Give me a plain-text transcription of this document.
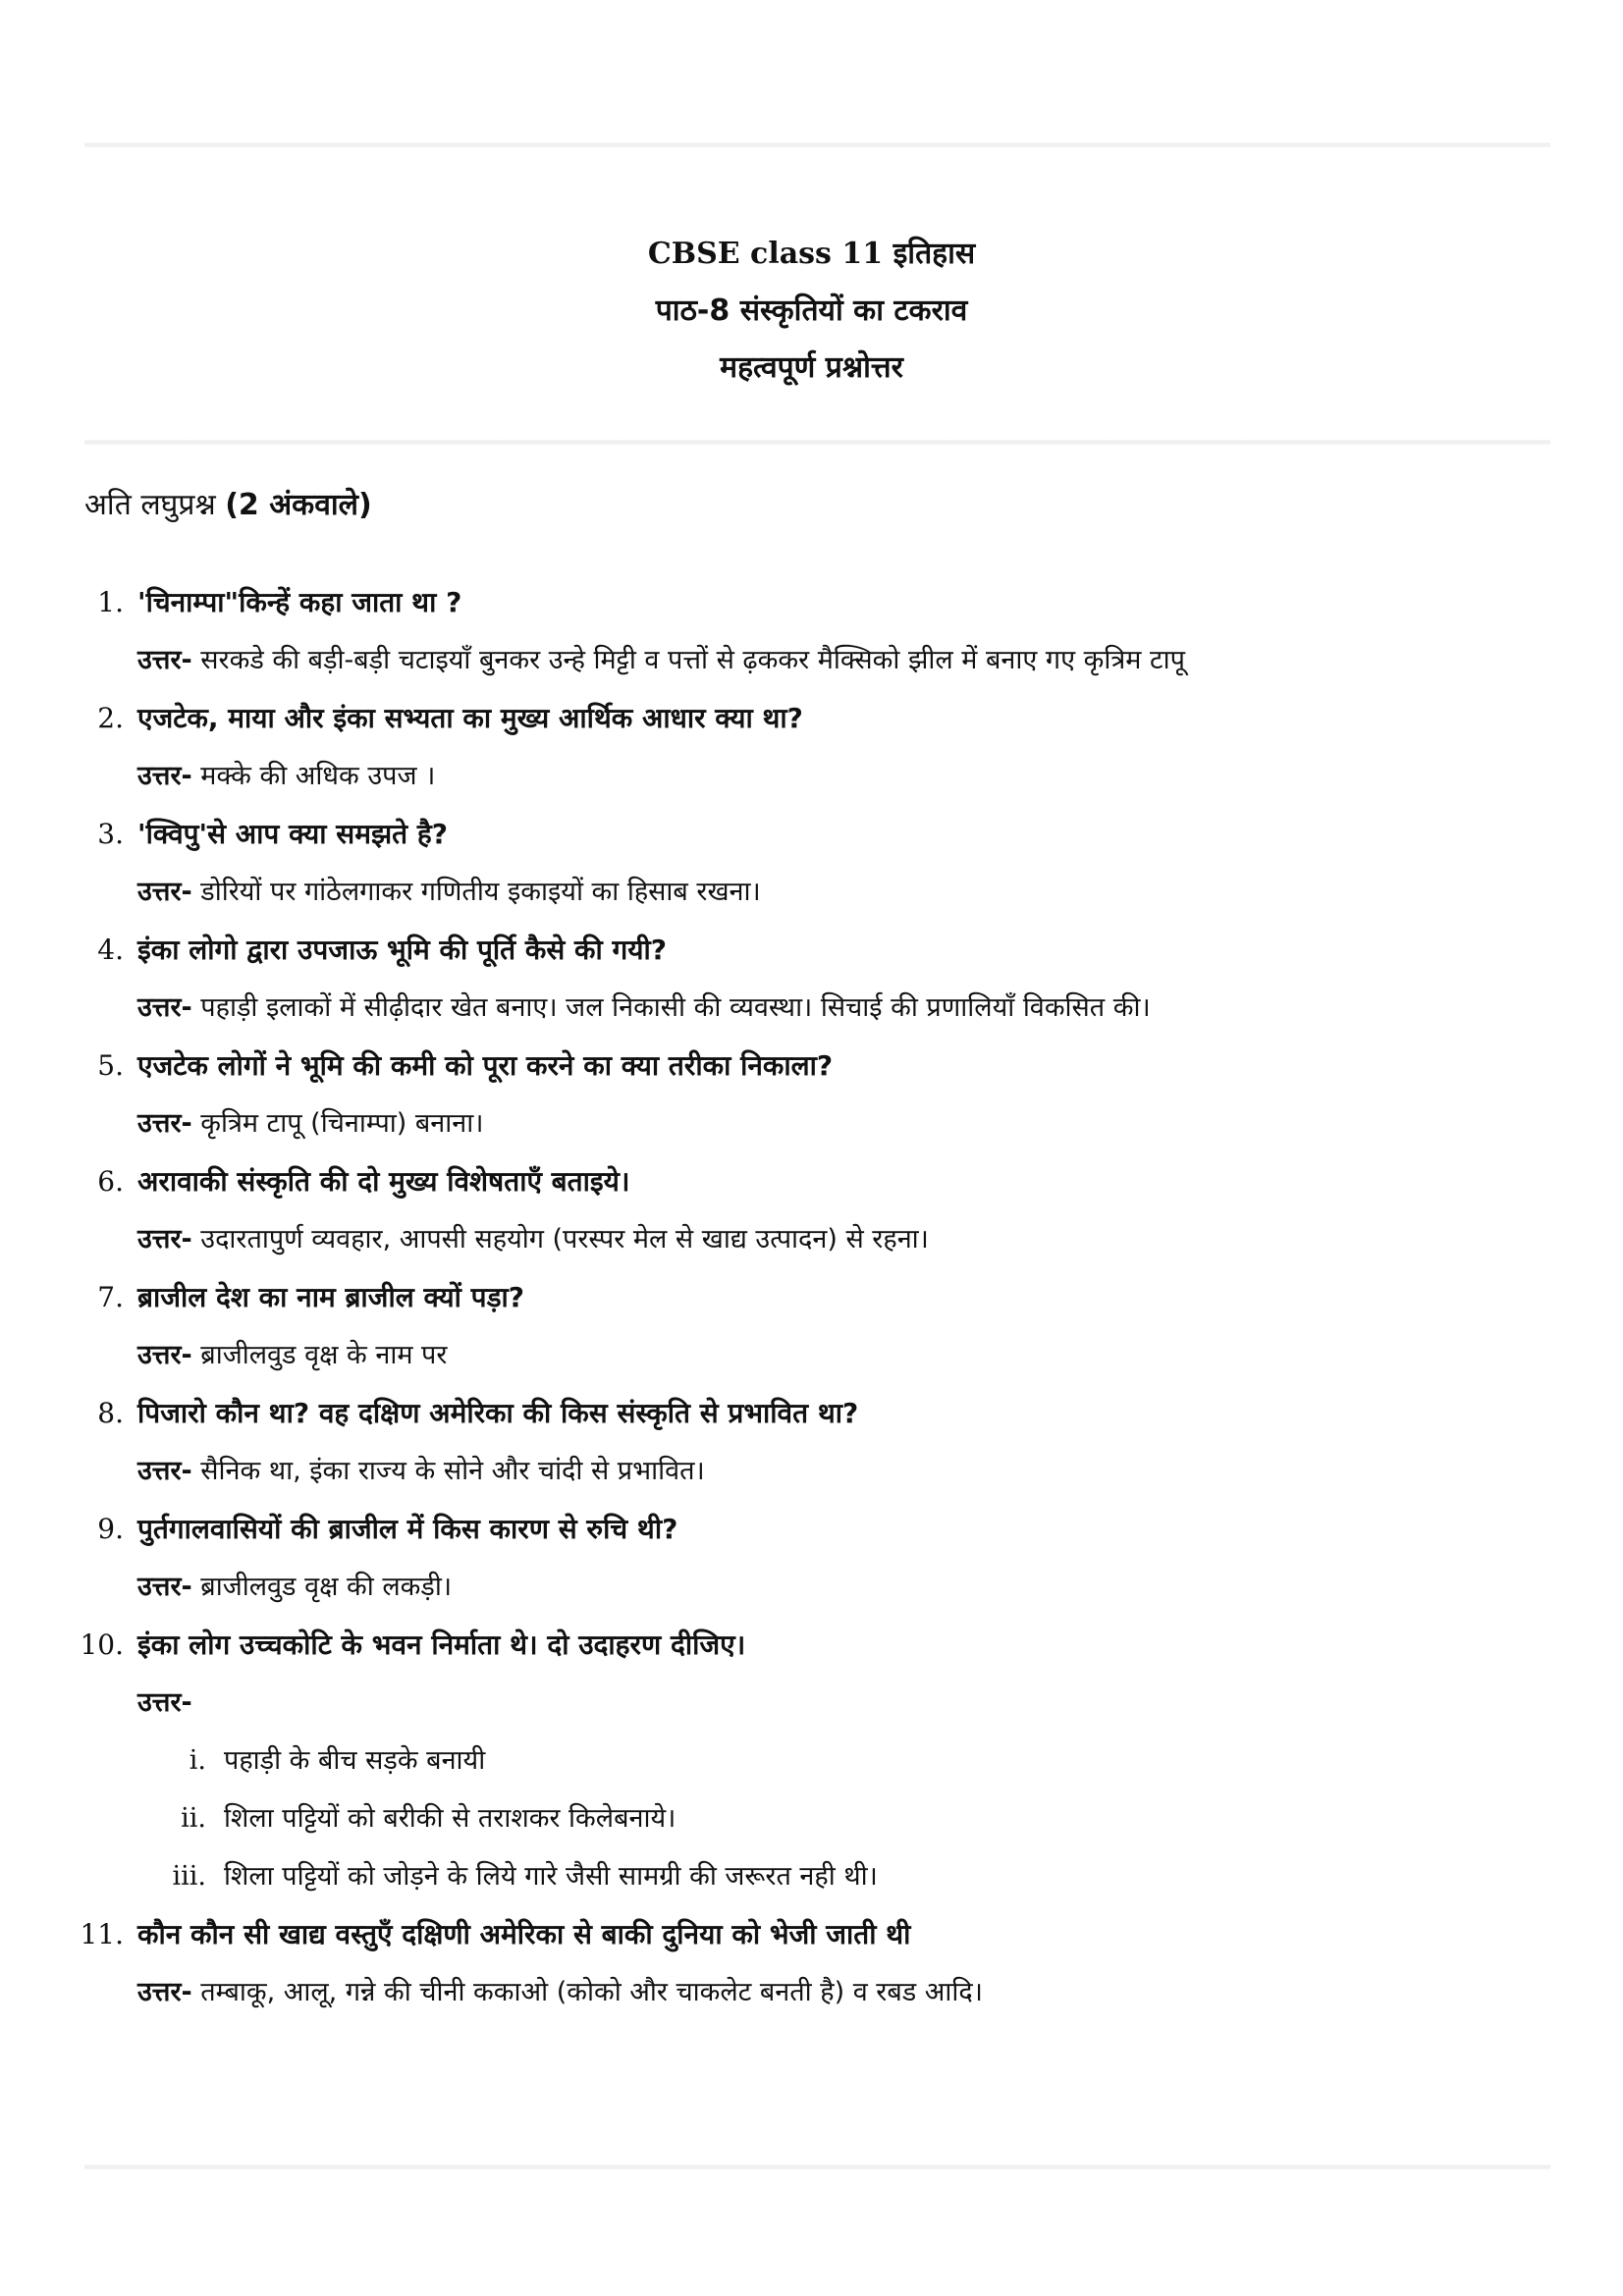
CBSE class 11 इतिहास
पाठ-8 संस्कृतियों का टकराव
महत्वपूर्ण प्रश्नोत्तर
अति लघुप्रश्न (2 अंकवाले)
1. 'चिनाम्पा"किन्हें कहा जाता था ?
उत्तर- सरकडे की बड़ी-बड़ी चटाइयाँ बुनकर उन्हे मिट्टी व पत्तों से ढ़ककर मैक्सिको झील में बनाए गए कृत्रिम टापू
2. एजटेक, माया और इंका सभ्यता का मुख्य आर्थिक आधार क्या था?
उत्तर- मक्के की अधिक उपज ।
3. 'क्विपु'से आप क्या समझते है?
उत्तर- डोरियों पर गांठेलगाकर गणितीय इकाइयों का हिसाब रखना।
4. इंका लोगो द्वारा उपजाऊ भूमि की पूर्ति कैसे की गयी?
उत्तर- पहाड़ी इलाकों में सीढ़ीदार खेत बनाए। जल निकासी की व्यवस्था। सिचाई की प्रणालियाँ विकसित की।
5. एजटेक लोगों ने भूमि की कमी को पूरा करने का क्या तरीका निकाला?
उत्तर- कृत्रिम टापू (चिनाम्पा) बनाना।
6. अरावाकी संस्कृति की दो मुख्य विशेषताएँ बताइये।
उत्तर- उदारतापुर्ण व्यवहार, आपसी सहयोग (परस्पर मेल से खाद्य उत्पादन) से रहना।
7. ब्राजील देश का नाम ब्राजील क्यों पड़ा?
उत्तर- ब्राजीलवुड वृक्ष के नाम पर
8. पिजारो कौन था? वह दक्षिण अमेरिका की किस संस्कृति से प्रभावित था?
उत्तर- सैनिक था, इंका राज्य के सोने और चांदी से प्रभावित।
9. पुर्तगालवासियों की ब्राजील में किस कारण से रुचि थी?
उत्तर- ब्राजीलवुड वृक्ष की लकड़ी।
10. इंका लोग उच्चकोटि के भवन निर्माता थे। दो उदाहरण दीजिए।
उत्तर-
i. पहाड़ी के बीच सड़के बनायी
ii. शिला पट्टियों को बरीकी से तराशकर किलेबनाये।
iii. शिला पट्टियों को जोड़ने के लिये गारे जैसी सामग्री की जरूरत नही थी।
11. कौन कौन सी खाद्य वस्तुएँ दक्षिणी अमेरिका से बाकी दुनिया को भेजी जाती थी
उत्तर- तम्बाकू, आलू, गन्ने की चीनी ककाओ (कोको और चाकलेट बनती है) व रबड आदि।
